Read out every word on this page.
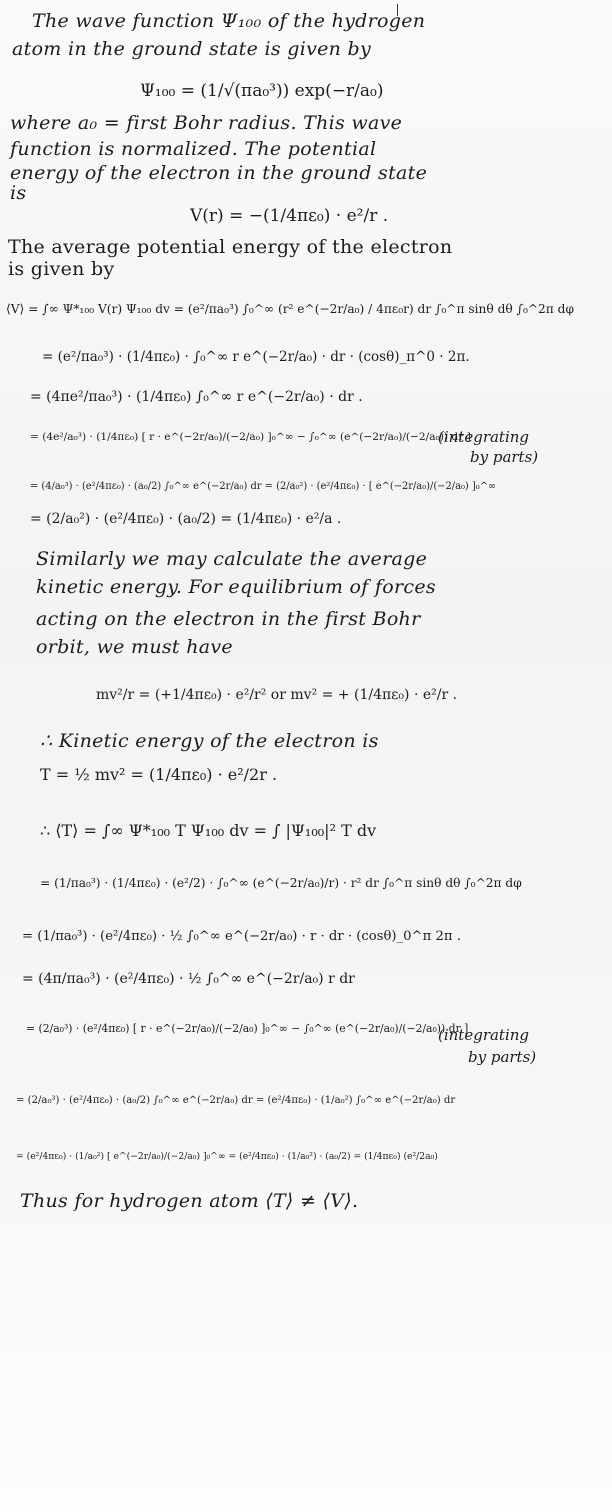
The wave function Ψ₁₀₀ of the hydrogen
atom in the ground state is given by
Ψ₁₀₀ = (1/√(πa₀³)) exp(−r/a₀)
where a₀ = first Bohr radius. This wave
function is normalized. The potential
energy of the electron in the ground state
is
V(r) = −(1/4πε₀) · e²/r .
The average potential energy of the electron
is given by
⟨V⟩ = ∫∞ Ψ*₁₀₀ V(r) Ψ₁₀₀ dv = (e²/πa₀³) ∫₀^∞ (r² e^(−2r/a₀) / 4πε₀r) dr ∫₀^π sinθ dθ ∫₀^2π dφ
= (e²/πa₀³) · (1/4πε₀) · ∫₀^∞ r e^(−2r/a₀) · dr · (cosθ)_π^0 · 2π.
= (4πe²/πa₀³) · (1/4πε₀) ∫₀^∞ r e^(−2r/a₀) · dr .
= (4e²/a₀³) · (1/4πε₀) [ r · e^(−2r/a₀)/(−2/a₀) ]₀^∞ − ∫₀^∞ (e^(−2r/a₀)/(−2/a₀)) dr ]
(integrating
by parts)
= (4/a₀³) · (e²/4πε₀) · (a₀/2) ∫₀^∞ e^(−2r/a₀) dr = (2/a₀²) · (e²/4πε₀) · [ e^(−2r/a₀)/(−2/a₀) ]₀^∞
= (2/a₀²) · (e²/4πε₀) · (a₀/2) = (1/4πε₀) · e²/a .
Similarly we may calculate the average
kinetic energy. For equilibrium of forces
acting on the electron in the first Bohr
orbit, we must have
mv²/r = (+1/4πε₀) · e²/r² or mv² = + (1/4πε₀) · e²/r .
∴ Kinetic energy of the electron is
T = ½ mv² = (1/4πε₀) · e²/2r .
∴ ⟨T⟩ = ∫∞ Ψ*₁₀₀ T Ψ₁₀₀ dv = ∫ |Ψ₁₀₀|² T dv
= (1/πa₀³) · (1/4πε₀) · (e²/2) · ∫₀^∞ (e^(−2r/a₀)/r) · r² dr ∫₀^π sinθ dθ ∫₀^2π dφ
= (1/πa₀³) · (e²/4πε₀) · ½ ∫₀^∞ e^(−2r/a₀) · r · dr · (cosθ)_0^π 2π .
= (4π/πa₀³) · (e²/4πε₀) · ½ ∫₀^∞ e^(−2r/a₀) r dr
= (2/a₀³) · (e²/4πε₀) [ r · e^(−2r/a₀)/(−2/a₀) ]₀^∞ − ∫₀^∞ (e^(−2r/a₀)/(−2/a₀)) dr ]
(integrating
by parts)
= (2/a₀³) · (e²/4πε₀) · (a₀/2) ∫₀^∞ e^(−2r/a₀) dr = (e²/4πε₀) · (1/a₀²) ∫₀^∞ e^(−2r/a₀) dr
= (e²/4πε₀) · (1/a₀²) [ e^(−2r/a₀)/(−2/a₀) ]₀^∞ = (e²/4πε₀) · (1/a₀²) · (a₀/2) = (1/4πε₀) (e²/2a₀)
Thus for hydrogen atom ⟨T⟩ ≠ ⟨V⟩.
